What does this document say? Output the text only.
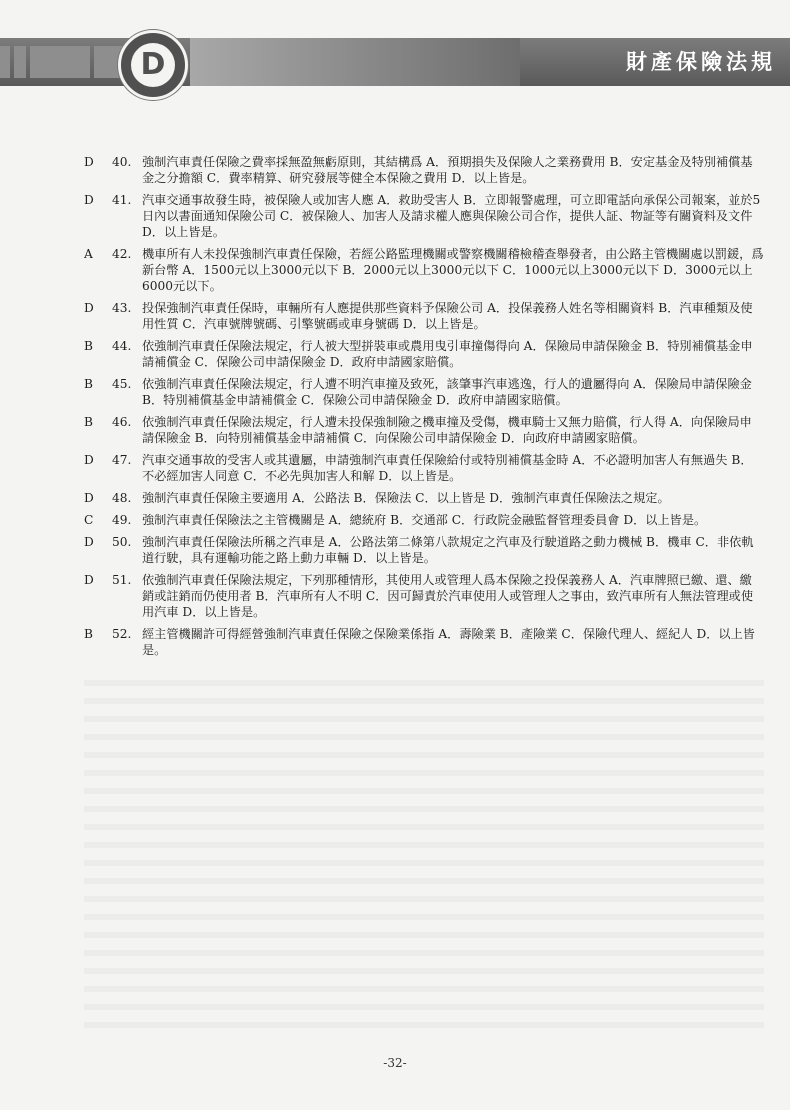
D	財產保險法規
D	40. 強制汽車責任保險之費率採無盈無虧原則，其結構爲 A．預期損失及保險人之業務費用 B．安定基金及特別補償基金之分擔額 C．費率精算、研究發展等健全本保險之費用 D．以上皆是。
D	41. 汽車交通事故發生時，被保險人或加害人應 A．救助受害人 B．立即報警處理，可立即電話向承保公司報案，並於5日內以書面通知保險公司 C．被保險人、加害人及請求權人應與保險公司合作，提供人証、物証等有關資料及文件 D．以上皆是。
A	42. 機車所有人未投保強制汽車責任保險，若經公路監理機關或警察機關稽檢稽查舉發者，由公路主管機關處以罰鍰，爲新台幣 A．1500元以上3000元以下 B．2000元以上3000元以下 C．1000元以上3000元以下 D．3000元以上6000元以下。
D	43. 投保強制汽車責任保時，車輛所有人應提供那些資料予保險公司 A．投保義務人姓名等相關資料 B．汽車種類及使用性質 C．汽車號牌號碼、引擎號碼或車身號碼 D．以上皆是。
B	44. 依強制汽車責任保險法規定，行人被大型拼裝車或農用曳引車撞傷得向 A．保險局申請保險金 B．特別補償基金申請補償金 C．保險公司申請保險金 D．政府申請國家賠償。
B	45. 依強制汽車責任保險法規定，行人遭不明汽車撞及致死，該肇事汽車逃逸，行人的遺屬得向 A．保險局申請保險金 B．特別補償基金申請補償金 C．保險公司申請保險金 D．政府申請國家賠償。
B	46. 依強制汽車責任保險法規定，行人遭未投保強制險之機車撞及受傷，機車騎士又無力賠償，行人得 A．向保險局申請保險金 B．向特別補償基金申請補償 C．向保險公司申請保險金 D．向政府申請國家賠償。
D	47. 汽車交通事故的受害人或其遺屬，申請強制汽車責任保險給付或特別補償基金時 A．不必證明加害人有無過失 B．不必經加害人同意 C．不必先與加害人和解 D．以上皆是。
D	48. 強制汽車責任保險主要適用 A．公路法 B．保險法 C．以上皆是 D．強制汽車責任保險法之規定。
C	49. 強制汽車責任保險法之主管機關是 A．總統府 B．交通部 C．行政院金融監督管理委員會 D．以上皆是。
D	50. 強制汽車責任保險法所稱之汽車是 A．公路法第二條第八款規定之汽車及行駛道路之動力機械 B．機車 C．非依軌道行駛，具有運輸功能之路上動力車輛 D．以上皆是。
D	51. 依強制汽車責任保險法規定，下列那種情形，其使用人或管理人爲本保險之投保義務人 A．汽車牌照已繳、還、繳銷或註銷而仍使用者 B．汽車所有人不明 C．因可歸責於汽車使用人或管理人之事由，致汽車所有人無法管理或使用汽車 D．以上皆是。
B	52. 經主管機關許可得經營強制汽車責任保險之保險業係指 A．壽險業 B．產險業 C．保險代理人、經紀人 D．以上皆是。
-32-
